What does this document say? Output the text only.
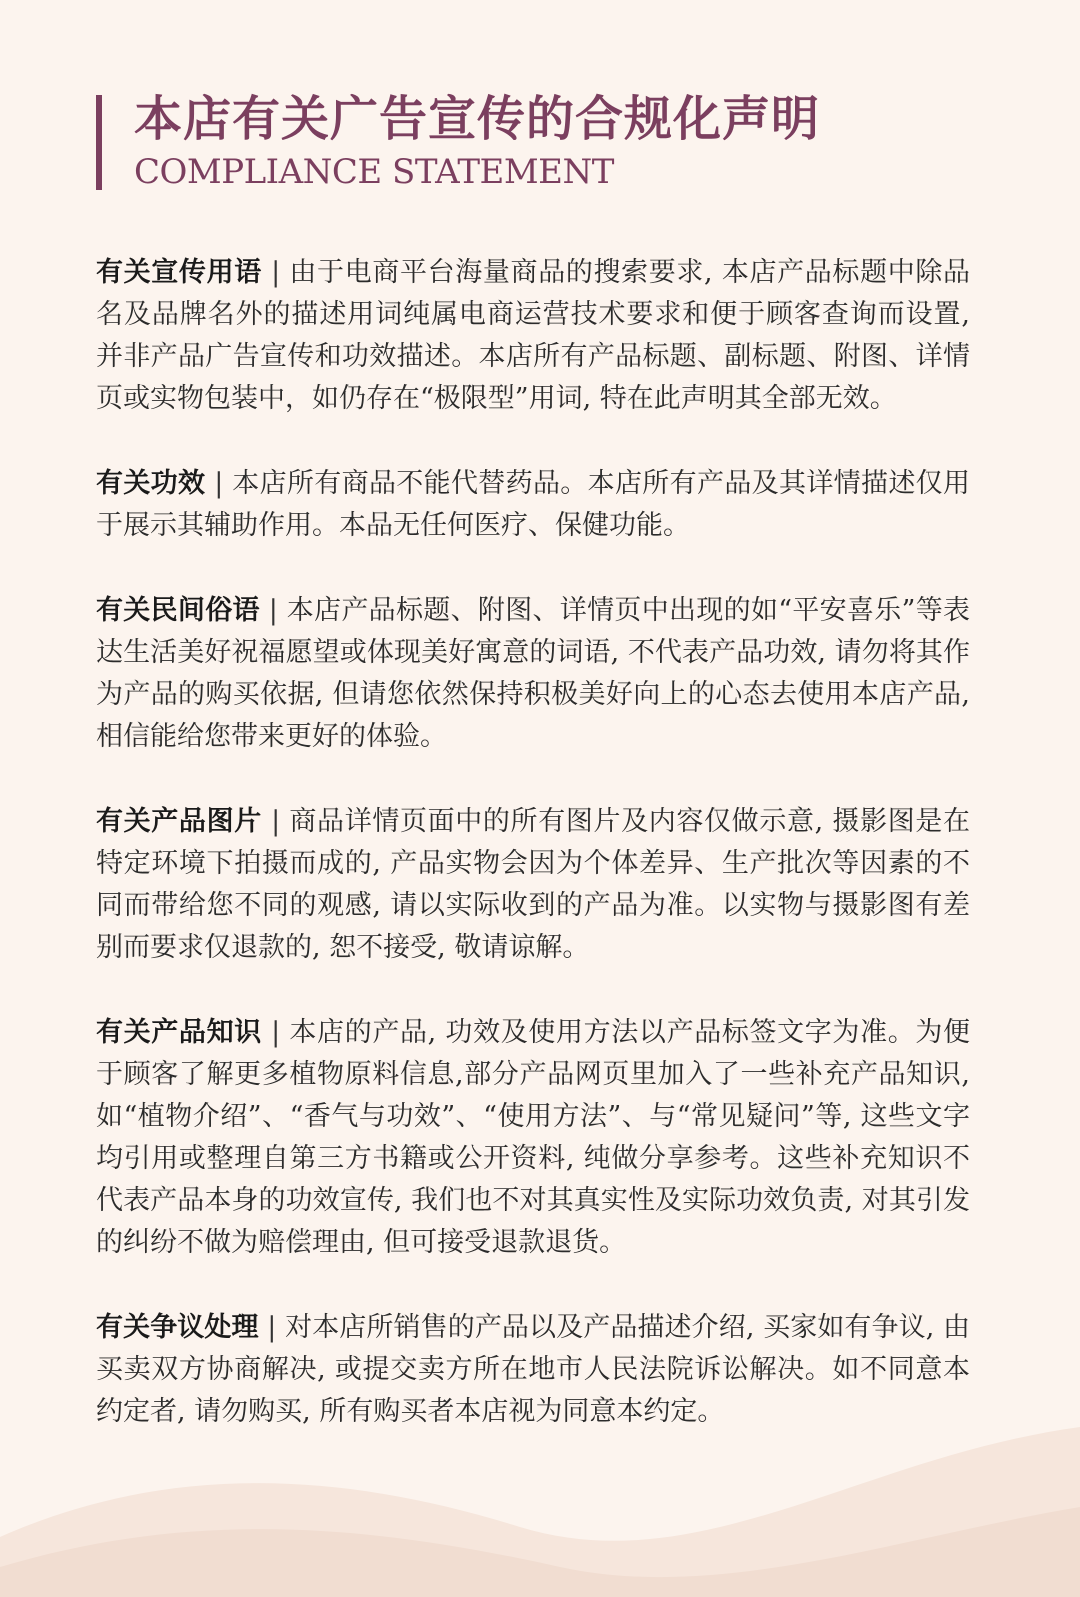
本店有关广告宣传的合规化声明
COMPLIANCE STATEMENT

有关宣传用语 | 由于电商平台海量商品的搜索要求, 本店产品标题中除品名及品牌名外的描述用词纯属电商运营技术要求和便于顾客查询而设置, 并非产品广告宣传和功效描述。本店所有产品标题、副标题、附图、详情页或实物包装中，如仍存在“极限型”用词, 特在此声明其全部无效。

有关功效 | 本店所有商品不能代替药品。本店所有产品及其详情描述仅用于展示其辅助作用。本品无任何医疗、保健功能。

有关民间俗语 | 本店产品标题、附图、详情页中出现的如“平安喜乐”等表达生活美好祝福愿望或体现美好寓意的词语, 不代表产品功效, 请勿将其作为产品的购买依据, 但请您依然保持积极美好向上的心态去使用本店产品, 相信能给您带来更好的体验。

有关产品图片 | 商品详情页面中的所有图片及内容仅做示意, 摄影图是在特定环境下拍摄而成的, 产品实物会因为个体差异、生产批次等因素的不同而带给您不同的观感, 请以实际收到的产品为准。以实物与摄影图有差别而要求仅退款的, 恕不接受, 敬请谅解。

有关产品知识 | 本店的产品, 功效及使用方法以产品标签文字为准。为便于顾客了解更多植物原料信息,部分产品网页里加入了一些补充产品知识,如“植物介绍”、“香气与功效”、“使用方法”、与“常见疑问”等, 这些文字均引用或整理自第三方书籍或公开资料, 纯做分享参考。这些补充知识不代表产品本身的功效宣传, 我们也不对其真实性及实际功效负责, 对其引发的纠纷不做为赔偿理由, 但可接受退款退货。

有关争议处理 | 对本店所销售的产品以及产品描述介绍, 买家如有争议, 由买卖双方协商解决, 或提交卖方所在地市人民法院诉讼解决。如不同意本约定者, 请勿购买, 所有购买者本店视为同意本约定。
